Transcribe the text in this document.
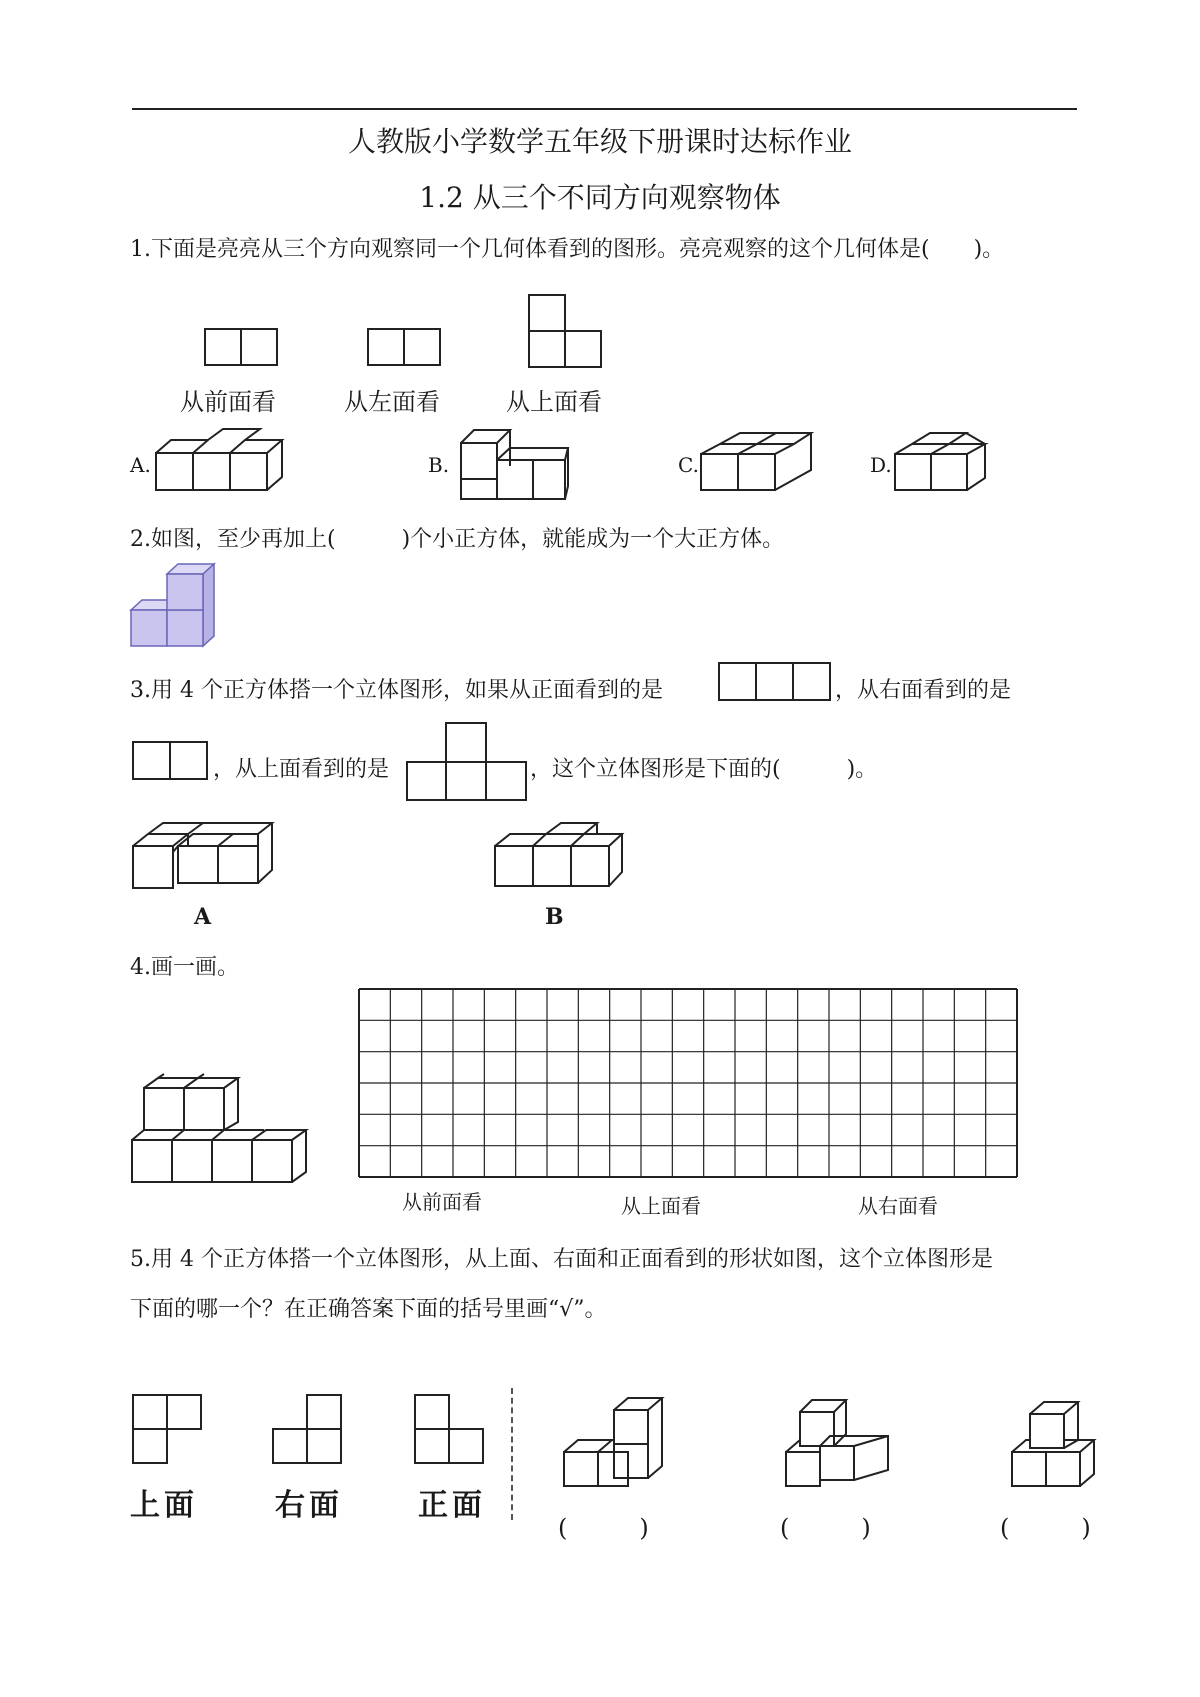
人教版小学数学五年级下册课时达标作业
1.2 从三个不同方向观察物体
1.下面是亮亮从三个方向观察同一个几何体看到的图形。亮亮观察的这个几何体是(　　)。
从前面看	从左面看	从上面看
A.	B.	C.	D.
2.如图，至少再加上(　　　)个小正方体，就能成为一个大正方体。
3.用 4 个正方体搭一个立体图形，如果从正面看到的是	，从右面看到的是
，从上面看到的是	，这个立体图形是下面的(　　　)。
A	B
4.画一画。
从前面看	从上面看	从右面看
5.用 4 个正方体搭一个立体图形，从上面、右面和正面看到的形状如图，这个立体图形是
下面的哪一个？在正确答案下面的括号里画“√”。
上面	右面	正面
(　　　)	(　　　)	(　　　)
